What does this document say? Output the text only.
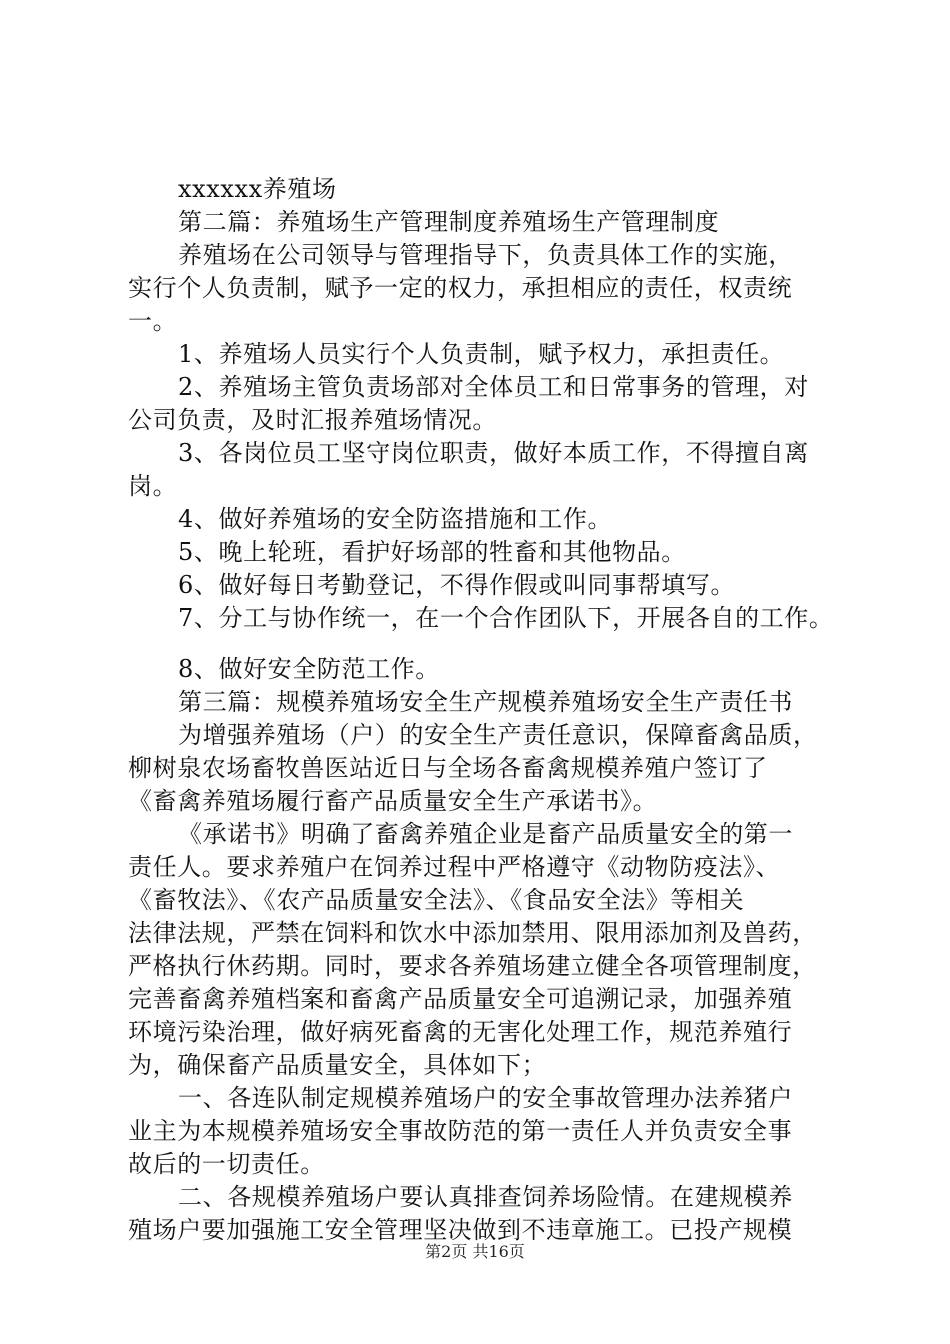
xxxxxx养殖场

第二篇：养殖场生产管理制度养殖场生产管理制度

养殖场在公司领导与管理指导下，负责具体工作的实施，

实行个人负责制，赋予一定的权力，承担相应的责任，权责统

一。

1、养殖场人员实行个人负责制，赋予权力，承担责任。

2、养殖场主管负责场部对全体员工和日常事务的管理，对

公司负责，及时汇报养殖场情况。

3、各岗位员工坚守岗位职责，做好本质工作，不得擅自离

岗。

4、做好养殖场的安全防盗措施和工作。

5、晚上轮班，看护好场部的牲畜和其他物品。

6、做好每日考勤登记，不得作假或叫同事帮填写。

7、分工与协作统一，在一个合作团队下，开展各自的工作。

8、做好安全防范工作。

第三篇：规模养殖场安全生产规模养殖场安全生产责任书

为增强养殖场（户）的安全生产责任意识，保障畜禽品质，

柳树泉农场畜牧兽医站近日与全场各畜禽规模养殖户签订了

《畜禽养殖场履行畜产品质量安全生产承诺书》。

《承诺书》明确了畜禽养殖企业是畜产品质量安全的第一

责任人。要求养殖户在饲养过程中严格遵守《动物防疫法》、

《畜牧法》、《农产品质量安全法》、《食品安全法》等相关

法律法规，严禁在饲料和饮水中添加禁用、限用添加剂及兽药，

严格执行休药期。同时，要求各养殖场建立健全各项管理制度，

完善畜禽养殖档案和畜禽产品质量安全可追溯记录，加强养殖

环境污染治理，做好病死畜禽的无害化处理工作，规范养殖行

为，确保畜产品质量安全，具体如下；

一、各连队制定规模养殖场户的安全事故管理办法养猪户

业主为本规模养殖场安全事故防范的第一责任人并负责安全事

故后的一切责任。

二、各规模养殖场户要认真排查饲养场险情。在建规模养

殖场户要加强施工安全管理坚决做到不违章施工。已投产规模

第2页 共16页
